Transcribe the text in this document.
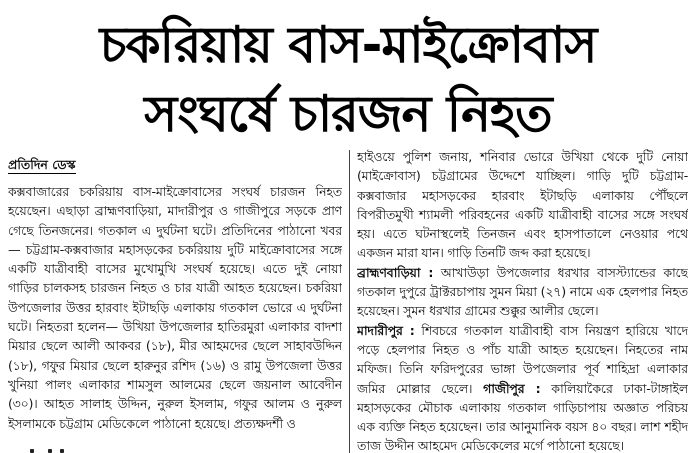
চকরিয়ায় বাস-মাইক্রোবাস
সংঘর্ষে চারজন নিহত
প্রতিদিন ডেস্ক

কক্সবাজারের চকরিয়ায় বাস-মাইক্রোবাসের সংঘর্ষ চারজন নিহত হয়েছেন। এছাড়া ব্রাহ্মণবাড়িয়া, মাদারীপুর ও গাজীপুরে সড়কে প্রাণ গেছে তিনজনের। গতকাল এ দুর্ঘটনা ঘটে। প্রতিদিনের পাঠানো খবর— চট্টগ্রাম-কক্সবাজার মহাসড়কের চকরিয়ায় দুটি মাইক্রোবাসের সঙ্গে একটি যাত্রীবাহী বাসের মুখোমুখি সংঘর্ষ হয়েছে। এতে দুই নোয়া গাড়ির চালকসহ চারজন নিহত ও চার যাত্রী আহত হয়েছেন। চকরিয়া উপজেলার উত্তর হারবাং ইটাছড়ি এলাকায় গতকাল ভোরে এ দুর্ঘটনা ঘটে। নিহতরা হলেন— উখিয়া উপজেলার হাতিরমুরা এলাকার বাদশা মিয়ার ছেলে আলী আকবর (১৮), মীর আহমদের ছেলে সাহাবউদ্দিন (১৮), গফুর মিয়ার ছেলে হারুনুর রশিদ (১৬) ও রামু উপজেলা উত্তর খুনিয়া পালং এলাকার শামসুল আলমের ছেলে জয়নাল আবেদীন (৩০)। আহত সালাহ উদ্দিন, নুরুল ইসলাম, গফুর আলম ও নুরুল ইসলামকে চট্টগ্রাম মেডিকেলে পাঠানো হয়েছে। প্রত্যক্ষদর্শী ও

হাইওয়ে পুলিশ জনায়, শনিবার ভোরে উখিয়া থেকে দুটি নোয়া (মাইক্রোবাস) চট্টগ্রামের উদ্দেশে যাচ্ছিল। গাড়ি দুটি চট্টগ্রাম-কক্সবাজার মহাসড়কের হারবাং ইটাছড়ি এলাকায় পৌঁছলে বিপরীতমুখী শ্যামলী পরিবহনের একটি যাত্রীবাহী বাসের সঙ্গে সংঘর্ষ হয়। এতে ঘটনাস্থলেই তিনজন এবং হাসপাতালে নেওয়ার পথে একজন মারা যান। গাড়ি তিনটি জব্দ করা হয়েছে।

ব্রাহ্মণবাড়িয়া : আখাউড়া উপজেলার ধরখার বাসস্ট্যান্ডের কাছে গতকাল দুপুরে ট্রাক্টরচাপায় সুমন মিয়া (২৭) নামে এক হেলপার নিহত হয়েছেন। সুমন ধরখার গ্রামের শুক্কুর আলীর ছেলে।

মাদারীপুর : শিবচরে গতকাল যাত্রীবাহী বাস নিয়ন্ত্রণ হারিয়ে খাদে পড়ে হেলপার নিহত ও পাঁচ যাত্রী আহত হয়েছেন। নিহতের নাম মফিজ। তিনি ফরিদপুরের ভাঙ্গা উপজেলার পূর্ব শাহিদ্রা এলাকার জমির মোল্লার ছেলে। গাজীপুর : কালিয়াকৈরে ঢাকা-টাঙ্গাইল মহাসড়কের মৌচাক এলাকায় গতকাল গাড়িচাপায় অজ্ঞাত পরিচয় এক ব্যক্তি নিহত হয়েছেন। তার আনুমানিক বয়স ৪০ বছর। লাশ শহীদ তাজ উদ্দীন আহমেদ মেডিকেলের মর্গে পাঠানো হয়েছে।
